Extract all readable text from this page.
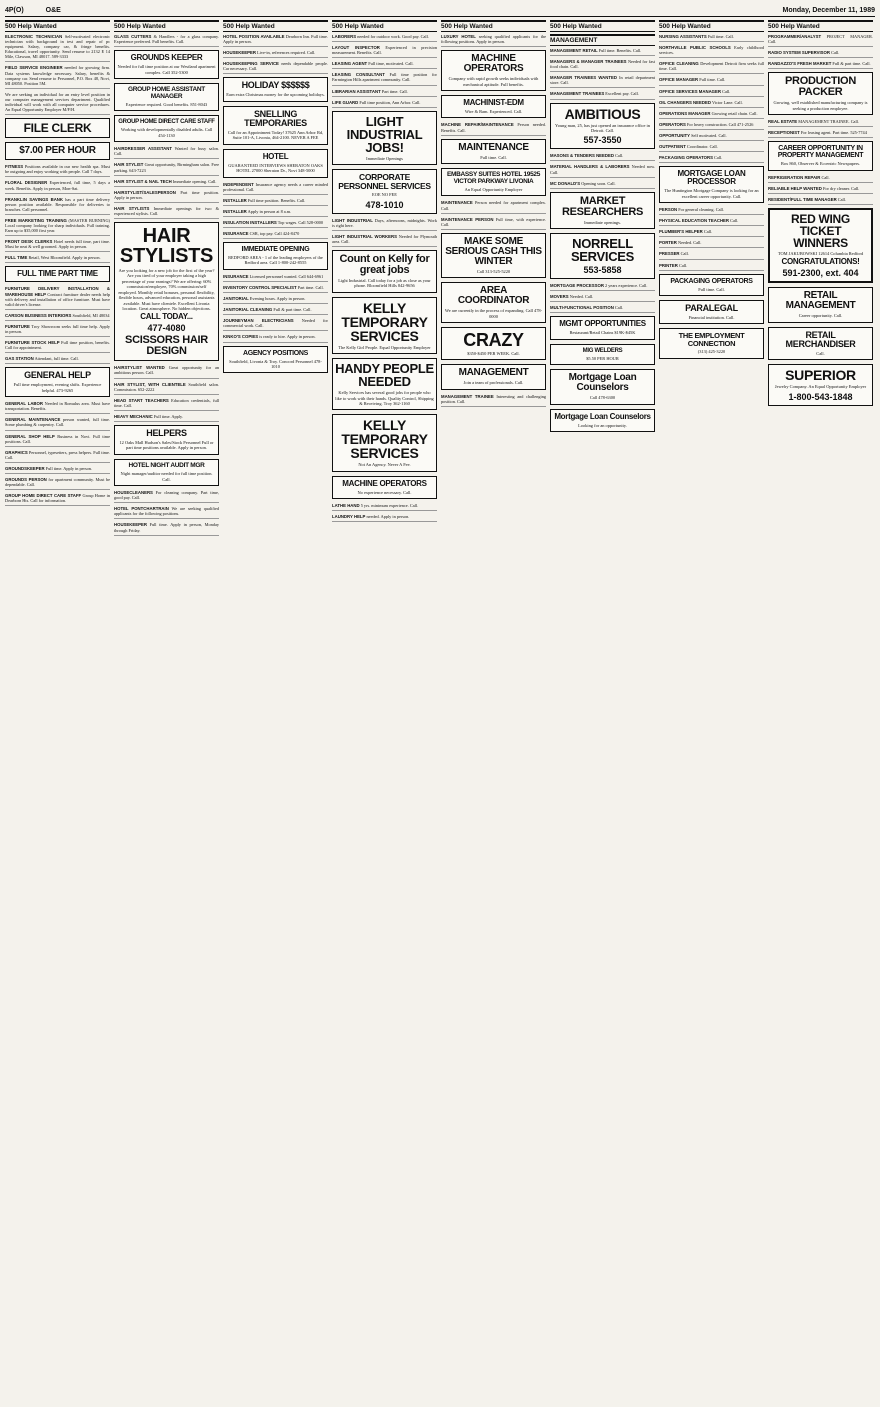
4P(O)	O&E	Monday, December 11, 1989
500 Help Wanted

ELECTRONIC TECHNICIAN Self-motivated electronic technician with background in test and repair of pc equipment. Salary, company car, & fringe benefits. Educational, travel opportunity. Send resume to 2132 E 14 Mile, Clawson, MI 48017. 589-3333

FIELD SERVICE ENGINEER needed for growing firm. Data systems knowledge necessary. Salary, benefits & company car. Send resume to Personnel, P.O. Box 48, Novi, MI 48050. Position 5M.

We are seeking an individual for an entry level position in our computer management services department. Qualified individual will work with all computer service procedures. An Equal Opportunity Employer M/F/H.

FILE CLERK
$7.00 PER HOUR

FITNESS Positions available in our new health spa. Must be outgoing and enjoy working with people. Call 7 days.

FLORAL DESIGNER Experienced, full time, 5 days a week. Benefits. Apply in person, Mon-Sat.

FRANKLIN SAVINGS BANK has a part time delivery person position available. Responsible for deliveries to branches. Call personnel.

FREE MARKETING TRAINING (MASTER BURNING) Local company looking for sharp individuals. Full training. Earn up to $35,000 first year.

FRONT DESK CLERKS Hotel needs full time, part time. Must be neat & well groomed. Apply in person.

FULL TIME Retail, West Bloomfield. Apply in person.

FULL TIME PART TIME

FURNITURE DELIVERY INSTALLATION & WAREHOUSE HELP Contract furniture dealer needs help with delivery and installation of office furniture. Must have valid driver's license.

CARSON BUSINESS INTERIORS Southfield, MI 48034

FURNITURE Troy Showroom seeks full time help. Apply in person.

FURNITURE STOCK HELP Full time position, benefits. Call for appointment.

GAS STATION Attendant, full time. Call.

GENERAL HELP
Full time employment, evening shifts. Experience helpful. 473-9265

GENERAL LABOR Needed in Romulus area. Must have transportation. Benefits.

GENERAL MAINTENANCE person wanted, full time. Some plumbing & carpentry. Call.

GENERAL SHOP HELP Business in Novi. Full time positions. Call.

GRAPHICS Personnel, typesetters, press helpers. Full time. Call.

GROUNDSKEEPER Full time. Apply in person.

GROUNDS PERSON for apartment community. Must be dependable. Call.

GROUP HOME DIRECT CARE STAFF Group Home in Dearborn Hts. Call for information.

500 Help Wanted

GLASS CUTTERS & Handlers - for a glass company. Experience preferred. Full benefits. Call.

GROUNDS KEEPER
Needed for full time position at our Westland apartment complex. Call 352-5300
GROUP HOME ASSISTANT MANAGER
Experience required. Good benefits. 851-8043
GROUP HOME DIRECT CARE STAFF
Working with developmentally disabled adults. Call 454-1130

HAIRDRESSER ASSISTANT Wanted for busy salon. Call.

HAIR STYLIST Great opportunity, Birmingham salon. Free parking. 643-7223

HAIR STYLIST & NAIL TECH Immediate opening. Call.

HAIRSTYLIST/SALESPERSON Part time position. Apply in person.

HAIR STYLISTS Immediate openings for two & experienced stylists. Call.

HAIR STYLISTS
Are you looking for a new job for the first of the year? Are you tired of your employer taking a high percentage of your earnings? We are offering: 60% commission/employee, 70% commission/self employed. Monthly retail bonuses, personal flexibility, flexible hours, advanced education, personal assistants available. Must have clientele. Excellent Livonia location. Great atmosphere. No hidden objections.
CALL TODAY...
477-4080
SCISSORS HAIR DESIGN

HAIRSTYLIST WANTED Great opportunity for an ambitious person. Call.

HAIR STYLIST, WITH CLIENTELE Southfield salon. Commission. 652-2222

HEAD START TEACHERS Education credentials, full time. Call.

HEAVY MECHANIC Full time. Apply.

HELPERS
12 Oaks Mall Hudson's Sales/Stock Personnel Full or part time positions available. Apply in person.
HOTEL NIGHT AUDIT MGR
Night manager/auditor needed for full time position. Call.

HOUSECLEANERS For cleaning company. Part time, good pay. Call.

HOTEL PONTCHARTRAIN We are seeking qualified applicants for the following positions.

HOUSEKEEPER Full time. Apply in person, Monday through Friday.

500 Help Wanted

HOTEL POSITION AVAILABLE Dearborn Inn. Full time. Apply in person.

HOUSEKEEPER Live-in, references required. Call.

HOUSEKEEPING SERVICE needs dependable people. Car necessary. Call.

HOLIDAY $$$$$$
Earn extra Christmas money for the upcoming holidays.
SNELLING TEMPORARIES
Call for an Appointment Today! 37625 Ann Arbor Rd, Suite 101-A, Livonia, 464-2100. NEVER A FEE
HOTEL
GUARANTEED INTERVIEWS SHERATON OAKS HOTEL 27000 Sheraton Dr., Novi 348-5000

INDEPENDENT Insurance agency needs a career minded professional. Call.

INSTALLER Full time position. Benefits. Call.

INSTALLER Apply in person at 8 a.m.

INSULATION INSTALLERS Top wages. Call 528-0000

INSURANCE CSR, top pay. Call 424-8470

IMMEDIATE OPENING
REDFORD AREA - 1 of the leading employers of the Redford area. Call 1-800-242-8555

INSURANCE Licensed personnel wanted. Call 644-6961

INVENTORY CONTROL SPECIALIST Part time. Call.

JANITORIAL Evening hours. Apply in person.

JANITORIAL CLEANING Full & part time. Call.

JOURNEYMAN ELECTRICIANS Needed for commercial work. Call.

KINKO'S COPIES is ready to hire. Apply in person.

AGENCY POSITIONS
Southfield, Livonia & Troy. Concord Personnel 478-1010
500 Help Wanted

LABORERS needed for outdoor work. Good pay. Call.

LAYOUT INSPECTOR Experienced in precision measurement. Benefits. Call.

LEASING AGENT Full time, motivated. Call.

LEASING CONSULTANT Full time position for Farmington Hills apartment community. Call.

LIBRARIAN ASSISTANT Part time. Call.

LIFE GUARD Full time position, Ann Arbor. Call.

LIGHT INDUSTRIAL JOBS!
Immediate Openings
CORPORATE PERSONNEL SERVICES
EOE NO FEE
478-1010

LIGHT INDUSTRIAL Days, afternoons, midnights. Work is right here.

LIGHT INDUSTRIAL WORKERS Needed for Plymouth area. Call.

Count on Kelly for great jobs
Light Industrial. Call today for a job as close as your phone. Bloomfield Hills 842-9656
KELLY TEMPORARY SERVICES
The Kelly Girl People. Equal Opportunity Employer
HANDY PEOPLE NEEDED
Kelly Services has several good jobs for people who like to work with their hands. Quality Control, Shipping & Receiving. Troy 362-1160
KELLY TEMPORARY SERVICES
Not An Agency. Never A Fee.
MACHINE OPERATORS
No experience necessary. Call.

LATHE HAND 5 yrs. minimum experience. Call.

LAUNDRY HELP needed. Apply in person.

500 Help Wanted

LUXURY HOTEL seeking qualified applicants for the following positions. Apply in person.

MACHINE OPERATORS
Company with rapid growth seeks individuals with mechanical aptitude. Full benefits.
MACHINIST-EDM
Wire & Ram. Experienced. Call.

MACHINE REPAIR/MAINTENANCE Person needed. Benefits. Call.

MAINTENANCE
Full time. Call.
EMBASSY SUITES HOTEL 19525 VICTOR PARKWAY LIVONIA
An Equal Opportunity Employer

MAINTENANCE Person needed for apartment complex. Call.

MAINTENANCE PERSON Full time, with experience. Call.

MAKE SOME SERIOUS CASH THIS WINTER
Call 313-525-5220
AREA COORDINATOR
We are currently in the process of expanding. Call 478-0000
CRAZY
$350-$450 PER WEEK. Call.
MANAGEMENT
Join a team of professionals. Call.

MANAGEMENT TRAINEE Interesting and challenging position. Call.

500 Help Wanted
MANAGEMENT

MANAGEMENT RETAIL Full time. Benefits. Call.

MANAGERS & MANAGER TRAINEES Needed for fast food chain. Call.

MANAGER TRAINEES WANTED In retail department store. Call.

MANAGEMENT TRAINEES Excellent pay. Call.

AMBITIOUS
Young man, 25, has just opened an insurance office in Detroit. Call.
557-3550

MASONS & TENDERS NEEDED Call.

MATERIAL HANDLERS & LABORERS Needed now. Call.

MC DONALD'S Opening soon. Call.

MARKET RESEARCHERS
Immediate openings.
NORRELL SERVICES
553-5858

MORTGAGE PROCESSOR 2 years experience. Call.

MOVERS Needed. Call.

MULTI-FUNCTIONAL POSITION Call.

MGMT OPPORTUNITIES
Restaurant/Retail Chains $19K-$45K
MIG WELDERS
$5.50 PER HOUR
Mortgage Loan Counselors
Call 478-6300
Mortgage Loan Counselors
Looking for an opportunity.
500 Help Wanted

NURSING ASSISTANTS Full time. Call.

NORTHVILLE PUBLIC SCHOOLS Early childhood services.

OFFICE CLEANING Development Detroit firm seeks full time. Call.

OFFICE MANAGER Full time. Call.

OFFICE SERVICES MANAGER Call.

OIL CHANGERS NEEDED Victor Lane. Call.

OPERATIONS MANAGER Growing retail chain. Call.

OPERATORS For heavy construction. Call 471-2526

OPPORTUNITY Self motivated. Call.

OUTPATIENT Coordinator. Call.

PACKAGING OPERATORS Call.

MORTGAGE LOAN PROCESSOR
The Huntington Mortgage Company is looking for an excellent career opportunity. Call.

PERSON For general cleaning. Call.

PHYSICAL EDUCATION TEACHER Call.

PLUMBER'S HELPER Call.

PORTER Needed. Call.

PRESSER Call.

PRINTER Call.

PACKAGING OPERATORS
Full time. Call.
PARALEGAL
Financial institution. Call.
THE EMPLOYMENT CONNECTION
(313) 425-3220
500 Help Wanted

PROGRAMMER/ANALYST PROJECT MANAGER. Call.

RADIO SYSTEM SUPERVISOR Call.

RANDAZZO'S FRESH MARKET Full & part time. Call.

PRODUCTION PACKER
Growing, well established manufacturing company is seeking a production employee.

REAL ESTATE MANAGEMENT TRAINEE. Call.

RECEPTIONIST For leasing agent. Part time. 525-7744

CAREER OPPORTUNITY IN PROPERTY MANAGEMENT
Box 860, Observer & Eccentric Newspapers.

REFRIGERATION REPAIR Call.

RELIABLE HELP WANTED For dry cleaner. Call.

RESIDENT/FULL TIME MANAGER Call.

RED WING TICKET WINNERS
TOM JAKUBOWSKI 12614 Columbia Redford
CONGRATULATIONS!
591-2300, ext. 404
RETAIL MANAGEMENT
Career opportunity. Call.
RETAIL MERCHANDISER
Call.
SUPERIOR
Jewelry Company. An Equal Opportunity Employer
1-800-543-1848
